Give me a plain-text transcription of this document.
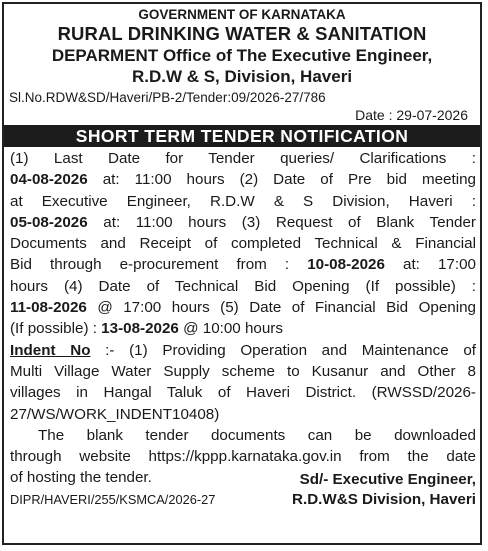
GOVERNMENT OF KARNATAKA
RURAL DRINKING WATER & SANITATION
DEPARMENT Office of The Executive Engineer,
R.D.W & S, Division, Haveri
Sl.No.RDW&SD/Haveri/PB-2/Tender:09/2026-27/786
Date : 29-07-2026
SHORT TERM TENDER NOTIFICATION
(1) Last Date for Tender queries/ Clarifications :
04-08-2026 at: 11:00 hours (2) Date of Pre bid meeting
at Executive Engineer, R.D.W & S Division, Haveri :
05-08-2026 at: 11:00 hours (3) Request of Blank Tender
Documents and Receipt of completed Technical & Financial
Bid through e-procurement from : 10-08-2026 at: 17:00
hours (4) Date of Technical Bid Opening (If possible) :
11-08-2026 @ 17:00 hours (5) Date of Financial Bid Opening
(If possible) : 13-08-2026 @ 10:00 hours
Indent No :- (1) Providing Operation and Maintenance of
Multi Village Water Supply scheme to Kusanur and Other 8
villages in Hangal Taluk of Haveri District. (RWSSD/2026-
27/WS/WORK_INDENT10408)
The blank tender documents can be downloaded
through website https://kppp.karnataka.gov.in from the date
of hosting the tender.
DIPR/HAVERI/255/KSMCA/2026-27
Sd/- Executive Engineer,
R.D.W&S Division, Haveri
